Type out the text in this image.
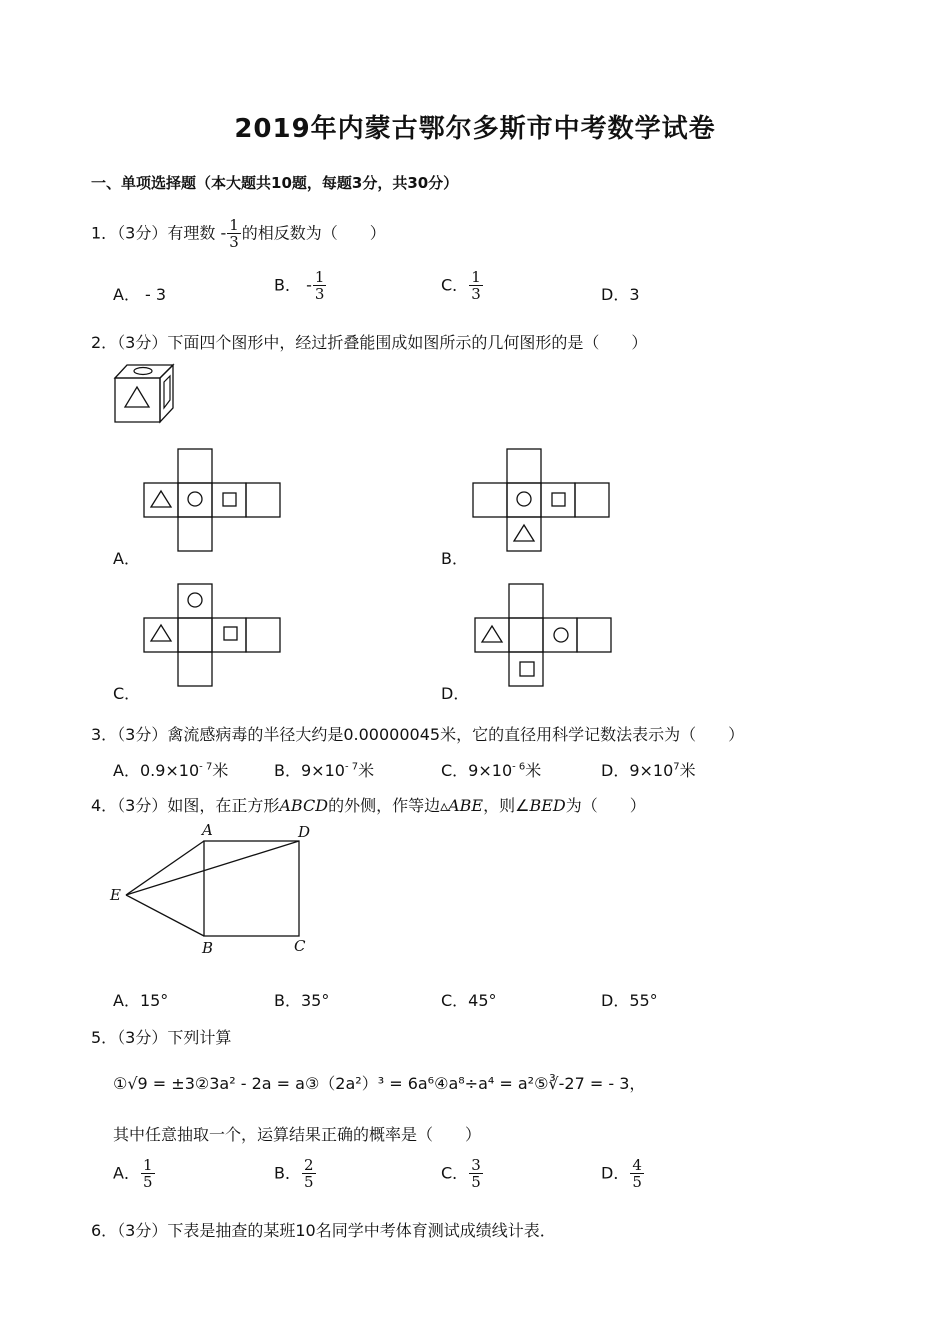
2019年内蒙古鄂尔多斯市中考数学试卷
一、单项选择题（本大题共10题，每题3分，共30分）
1．（3分）有理数 - $\frac{1}{3}$ 的相反数为（　　）
A． - 3	B． - $\frac{1}{3}$	C． $\frac{1}{3}$	D．3
2．（3分）下面四个图形中，经过折叠能围成如图所示的几何图形的是（　　）
A．	B．
C．	D．
3．（3分）禽流感病毒的半径大约是0.00000045米，它的直径用科学记数法表示为（　　）
A．$0.9\times 10^{- 7}$米	B．$9\times 10^{- 7}$米	C．$9\times 10^{- 6}$米	D．$9\times 10^7$米
4．（3分）如图，在正方形ABCD的外侧，作等边▵ABE，则∠BED为（　　）
A	D
E
B	C
A．15°	B．35°	C．45°	D．55°
5．（3分）下列计算
①√9 = ±3②3a² - 2a = a③（2a²）³ = 6a⁶④a⁸÷a⁴ = a²⑤∛-27 = - 3，
其中任意抽取一个，运算结果正确的概率是（　　）
A． $\frac{1}{5}$	B． $\frac{2}{5}$	C． $\frac{3}{5}$	D． $\frac{4}{5}$
6．（3分）下表是抽查的某班10名同学中考体育测试成绩线计表．
